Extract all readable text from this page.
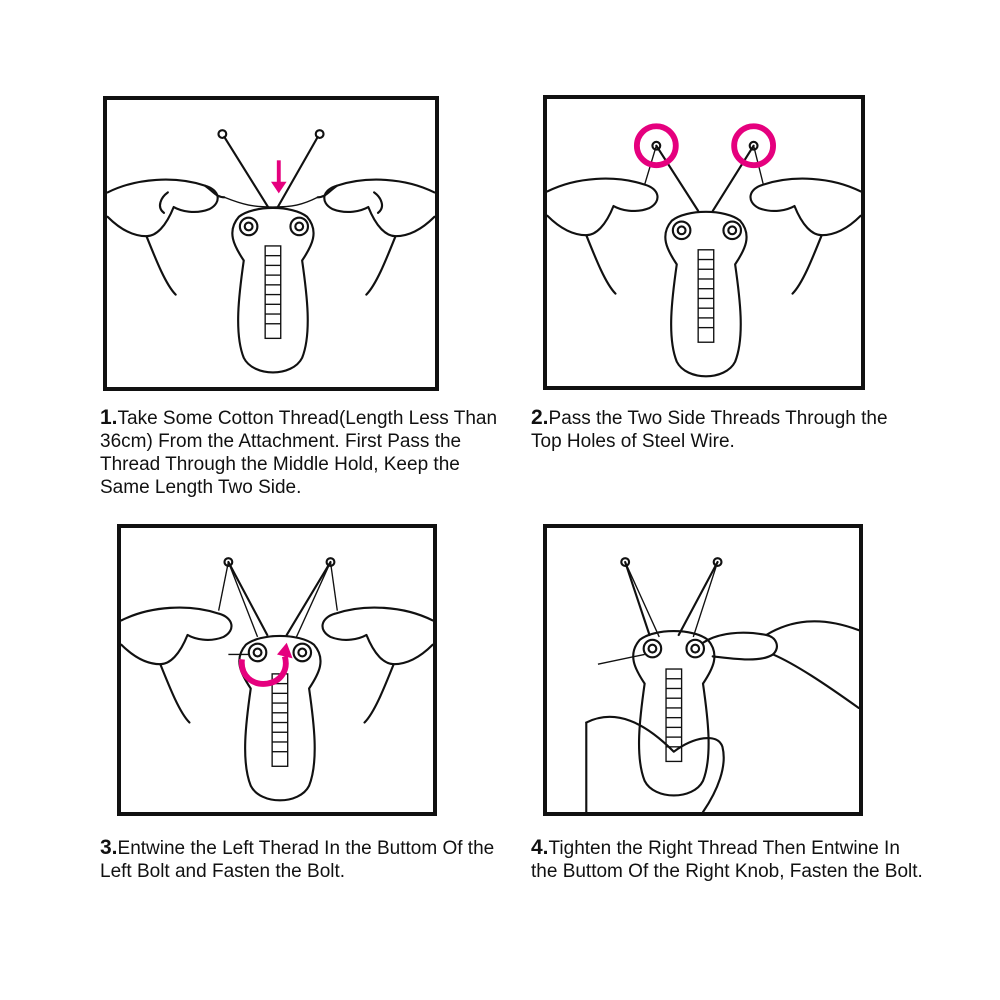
1.Take Some Cotton Thread(Length Less Than 36cm) From the Attachment. First Pass the Thread Through the Middle Hold, Keep the Same Length Two Side.
2.Pass the Two Side Threads Through the Top Holes of Steel Wire.
3.Entwine the Left Therad In the Buttom Of the Left Bolt and Fasten the Bolt.
4.Tighten the Right Thread Then Entwine In the Buttom Of the Right Knob, Fasten the Bolt.
